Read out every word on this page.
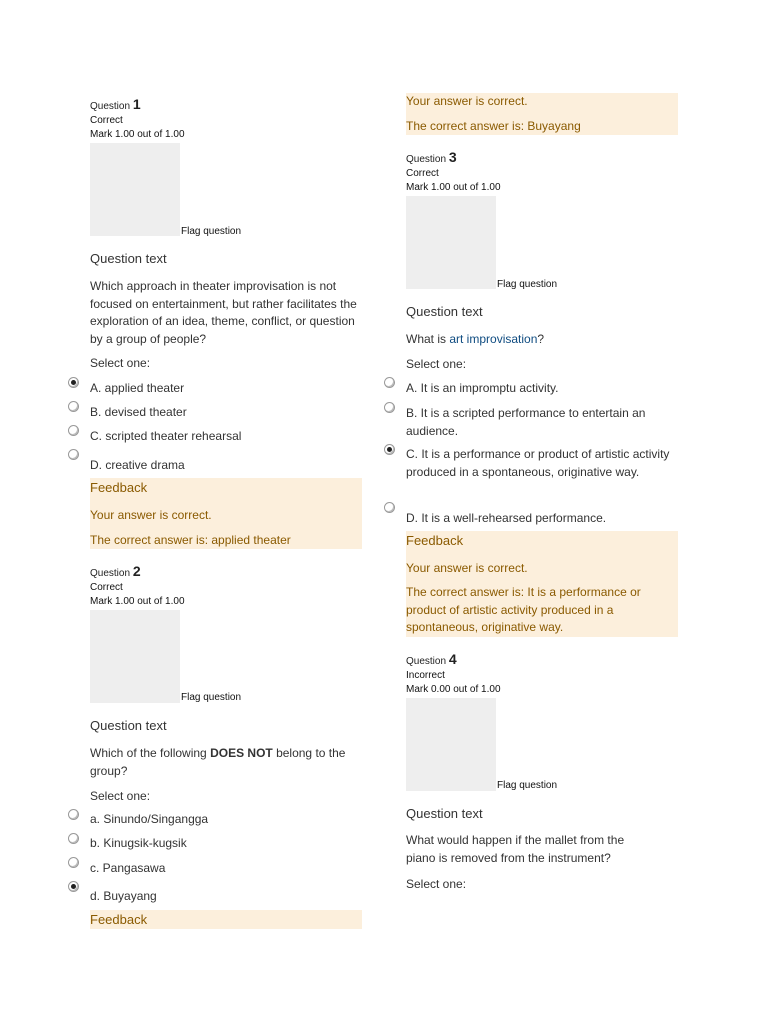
Question 1
Correct
Mark 1.00 out of 1.00
Flag question
Question text
Which approach in theater improvisation is not focused on entertainment, but rather facilitates the exploration of an idea, theme, conflict, or question by a group of people?
Select one:
A. applied theater
B. devised theater
C. scripted theater rehearsal
D. creative drama
Feedback
Your answer is correct.
The correct answer is: applied theater
Question 2
Correct
Mark 1.00 out of 1.00
Flag question
Question text
Which of the following DOES NOT belong to the group?
Select one:
a. Sinundo/Singangga
b. Kinugsik-kugsik
c. Pangasawa
d. Buyayang
Feedback
Your answer is correct.
The correct answer is: Buyayang
Question 3
Correct
Mark 1.00 out of 1.00
Flag question
Question text
What is art improvisation?
Select one:
A. It is an impromptu activity.
B. It is a scripted performance to entertain an audience.
C. It is a performance or product of artistic activity produced in a spontaneous, originative way.
D. It is a well-rehearsed performance.
Feedback
Your answer is correct.
The correct answer is: It is a performance or product of artistic activity produced in a spontaneous, originative way.
Question 4
Incorrect
Mark 0.00 out of 1.00
Flag question
Question text
What would happen if the mallet from the piano is removed from the instrument?
Select one:
